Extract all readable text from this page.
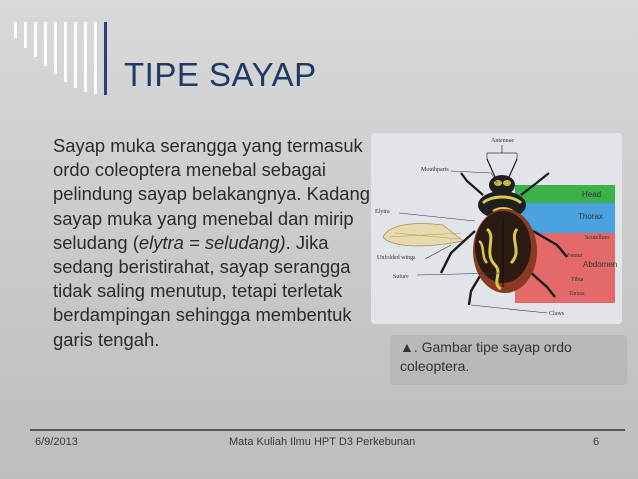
TIPE SAYAP
Sayap muka serangga yang termasuk ordo coleoptera menebal sebagai pelindung sayap belakangnya. Kadang sayap muka yang menebal dan mirip seludang (elytra = seludang). Jika sedang beristirahat, sayap serangga tidak saling menutup, tetapi terletak berdampingan sehingga membentuk garis tengah.
Antennae
Mouthparts
Elytra
Unfolded wings
Suture
Head
Thorax
Scutellum
Femur
Abdomen
Tibia
Tarsus
Claws
▲. Gambar tipe sayap ordo coleoptera.
6/9/2013	Mata Kuliah Ilmu HPT D3 Perkebunan	6
